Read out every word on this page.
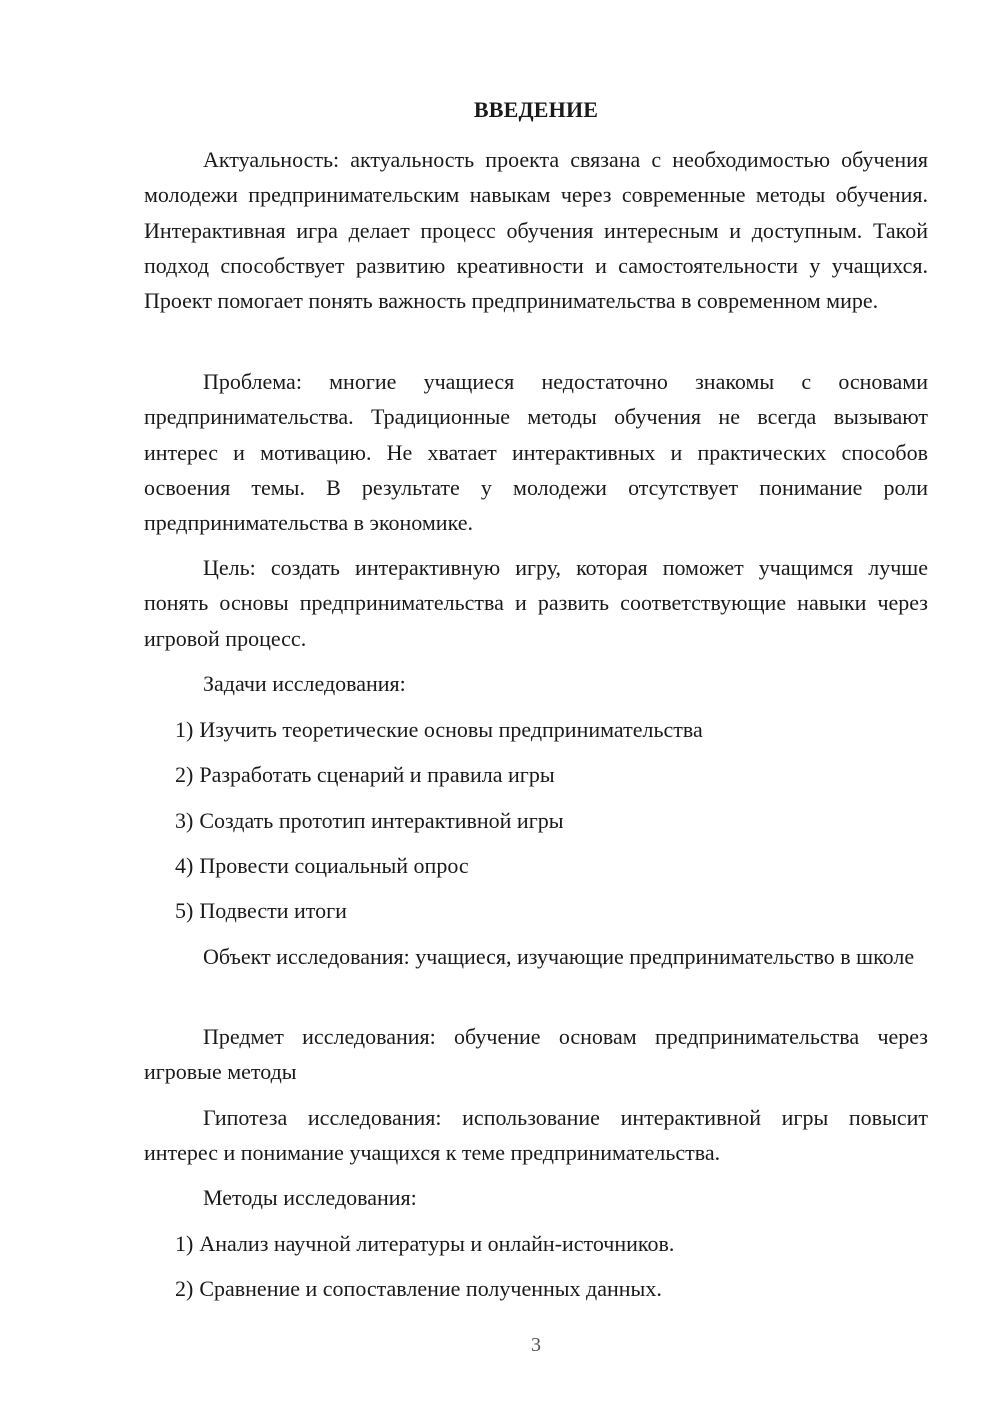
ВВЕДЕНИЕ

Актуальность: актуальность проекта связана с необходимостью обучения молодежи предпринимательским навыкам через современные методы обучения. Интерактивная игра делает процесс обучения интересным и доступным. Такой подход способствует развитию креативности и самостоятельности у учащихся. Проект помогает понять важность предпринимательства в современном мире.

Проблема: многие учащиеся недостаточно знакомы с основами предпринимательства. Традиционные методы обучения не всегда вызывают интерес и мотивацию. Не хватает интерактивных и практических способов освоения темы. В результате у молодежи отсутствует понимание роли предпринимательства в экономике.

Цель: создать интерактивную игру, которая поможет учащимся лучше понять основы предпринимательства и развить соответствующие навыки через игровой процесс.

Задачи исследования:

1) Изучить теоретические основы предпринимательства

2) Разработать сценарий и правила игры

3) Создать прототип интерактивной игры

4) Провести социальный опрос

5) Подвести итоги

Объект исследования: учащиеся, изучающие предпринимательство в школе

Предмет исследования: обучение основам предпринимательства через игровые методы

Гипотеза исследования: использование интерактивной игры повысит интерес и понимание учащихся к теме предпринимательства.

Методы исследования:

1) Анализ научной литературы и онлайн-источников.

2) Сравнение и сопоставление полученных данных.

3
